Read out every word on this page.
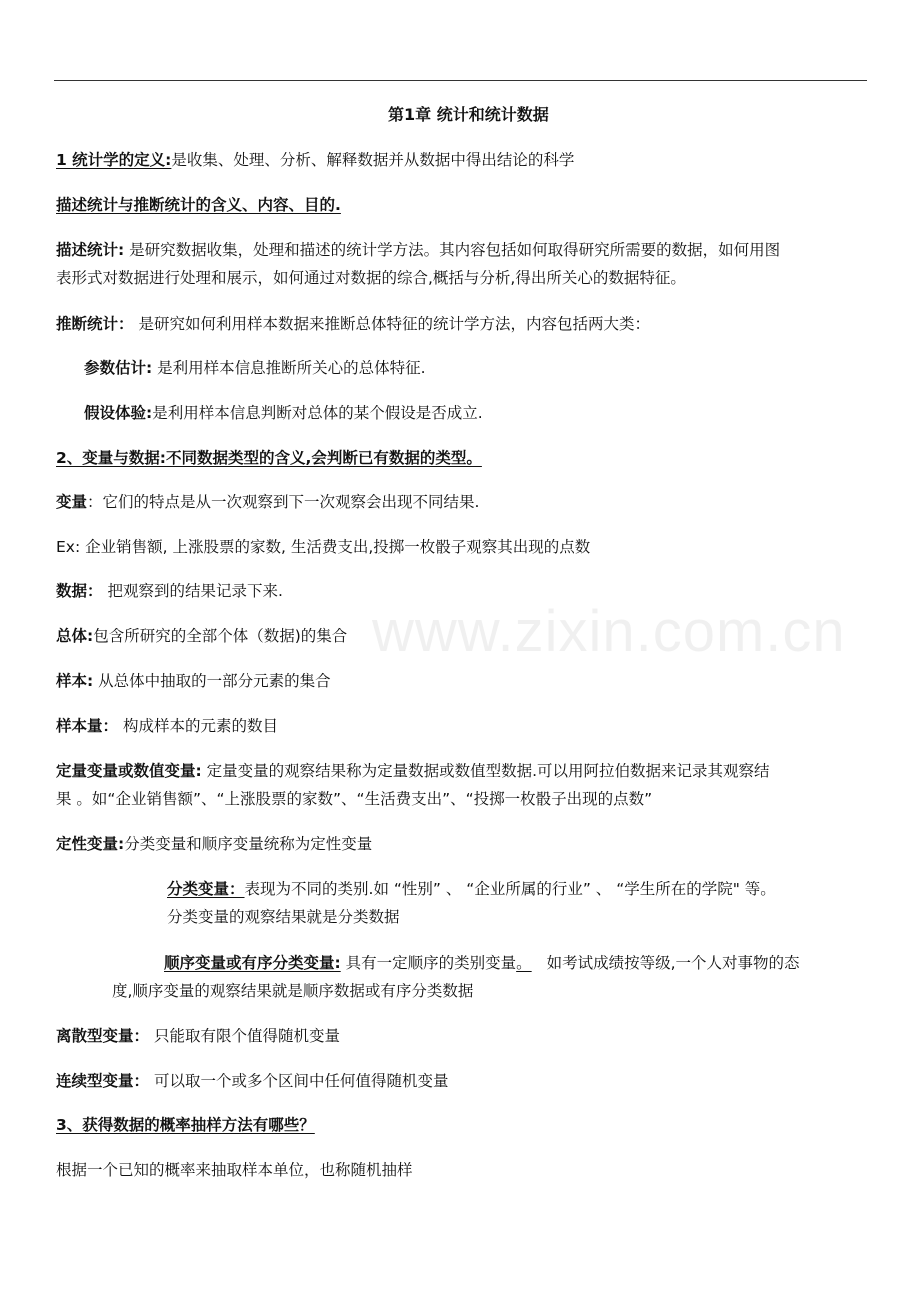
www.zixin.com.cn
第1章 统计和统计数据
1 统计学的定义:是收集、处理、分析、解释数据并从数据中得出结论的科学
描述统计与推断统计的含义、内容、目的.
描述统计: 是研究数据收集，处理和描述的统计学方法。其内容包括如何取得研究所需要的数据，如何用图
表形式对数据进行处理和展示，如何通过对数据的综合,概括与分析,得出所关心的数据特征。
推断统计： 是研究如何利用样本数据来推断总体特征的统计学方法，内容包括两大类：
参数估计: 是利用样本信息推断所关心的总体特征.
假设体验:是利用样本信息判断对总体的某个假设是否成立.
2、变量与数据:不同数据类型的含义,会判断已有数据的类型。
变量：它们的特点是从一次观察到下一次观察会出现不同结果.
Ex: 企业销售额, 上涨股票的家数, 生活费支出,投掷一枚骰子观察其出现的点数
数据： 把观察到的结果记录下来.
总体:包含所研究的全部个体（数据)的集合
样本: 从总体中抽取的一部分元素的集合
样本量： 构成样本的元素的数目
定量变量或数值变量: 定量变量的观察结果称为定量数据或数值型数据.可以用阿拉伯数据来记录其观察结
果 。如“企业销售额”、“上涨股票的家数”、“生活费支出”、“投掷一枚骰子出现的点数”
定性变量:分类变量和顺序变量统称为定性变量
分类变量：表现为不同的类别.如 “性别” 、 “企业所属的行业” 、 “学生所在的学院" 等。
分类变量的观察结果就是分类数据
顺序变量或有序分类变量: 具有一定顺序的类别变量。  如考试成绩按等级,一个人对事物的态
度,顺序变量的观察结果就是顺序数据或有序分类数据
离散型变量： 只能取有限个值得随机变量
连续型变量： 可以取一个或多个区间中任何值得随机变量
3、获得数据的概率抽样方法有哪些？
根据一个已知的概率来抽取样本单位，也称随机抽样
